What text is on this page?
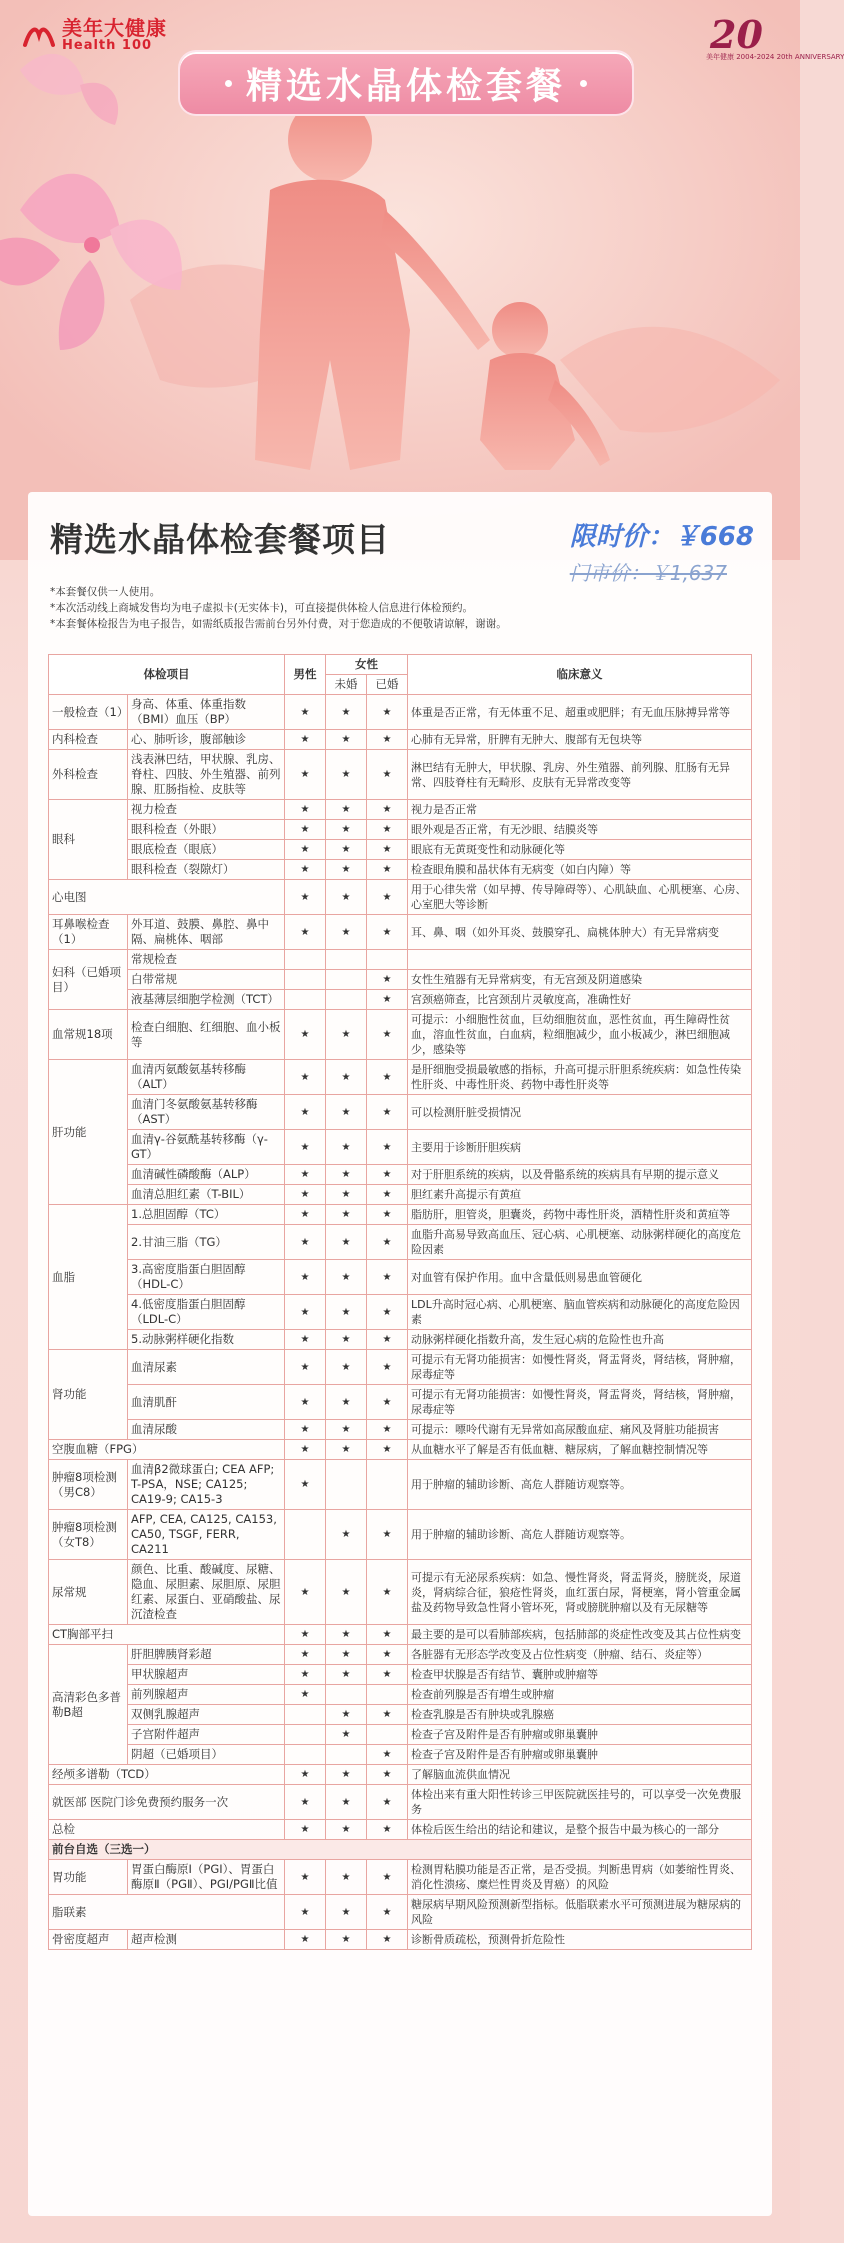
美年大健康
Health 100	20
美年健康 2004-2024 20th ANNIVERSARY
精选水晶体检套餐
精选水晶体检套餐项目	限时价：￥668
门市价：￥1,637
*本套餐仅供一人使用。
*本次活动线上商城发售均为电子虚拟卡(无实体卡)，可直接提供体检人信息进行体检预约。
*本套餐体检报告为电子报告，如需纸质报告需前台另外付费，对于您造成的不便敬请谅解，谢谢。
体检项目		男性	女性		临床意义
			未婚	已婚	
一般检查（1）	身高、体重、体重指数（BMI）血压（BP）	★	★	★	体重是否正常，有无体重不足、超重或肥胖；有无血压脉搏异常等
内科检查	心、肺听诊，腹部触诊	★	★	★	心肺有无异常，肝脾有无肿大、腹部有无包块等
外科检查	浅表淋巴结，甲状腺、乳房、脊柱、四肢、外生殖器、前列腺、肛肠指检、皮肤等	★	★	★	淋巴结有无肿大，甲状腺、乳房、外生殖器、前列腺、肛肠有无异常、四肢脊柱有无畸形、皮肤有无异常改变等
眼科	视力检查	★	★	★	视力是否正常
	眼科检查（外眼）	★	★	★	眼外观是否正常，有无沙眼、结膜炎等
	眼底检查（眼底）	★	★	★	眼底有无黄斑变性和动脉硬化等
	眼科检查（裂隙灯）	★	★	★	检查眼角膜和晶状体有无病变（如白内障）等
心电图		★	★	★	用于心律失常（如早搏、传导障碍等）、心肌缺血、心肌梗塞、心房、心室肥大等诊断
耳鼻喉检查（1）	外耳道、鼓膜、鼻腔、鼻中隔、扁桃体、咽部	★	★	★	耳、鼻、咽（如外耳炎、鼓膜穿孔、扁桃体肿大）有无异常病变
妇科（已婚项目）	常规检查				
	白带常规			★	女性生殖器有无异常病变，有无宫颈及阴道感染
	液基薄层细胞学检测（TCT）			★	宫颈癌筛查，比宫颈刮片灵敏度高，准确性好
血常规18项	检查白细胞、红细胞、血小板等	★	★	★	可提示：小细胞性贫血，巨幼细胞贫血，恶性贫血，再生障碍性贫血，溶血性贫血，白血病，粒细胞减少，血小板减少，淋巴细胞减少，感染等
肝功能	血清丙氨酸氨基转移酶（ALT）	★	★	★	是肝细胞受损最敏感的指标，升高可提示肝胆系统疾病：如急性传染性肝炎、中毒性肝炎、药物中毒性肝炎等
	血清门冬氨酸氨基转移酶（AST）	★	★	★	可以检测肝脏受损情况
	血清γ-谷氨酰基转移酶（γ-GT）	★	★	★	主要用于诊断肝胆疾病
	血清碱性磷酸酶（ALP）	★	★	★	对于肝胆系统的疾病，以及骨骼系统的疾病具有早期的提示意义
	血清总胆红素（T-BIL）	★	★	★	胆红素升高提示有黄疸
血脂	1.总胆固醇（TC）	★	★	★	脂肪肝，胆管炎，胆囊炎，药物中毒性肝炎，酒精性肝炎和黄疸等
	2.甘油三脂（TG）	★	★	★	血脂升高易导致高血压、冠心病、心肌梗塞、动脉粥样硬化的高度危险因素
	3.高密度脂蛋白胆固醇（HDL-C）	★	★	★	对血管有保护作用。血中含量低则易患血管硬化
	4.低密度脂蛋白胆固醇（LDL-C）	★	★	★	LDL升高时冠心病、心肌梗塞、脑血管疾病和动脉硬化的高度危险因素
	5.动脉粥样硬化指数	★	★	★	动脉粥样硬化指数升高，发生冠心病的危险性也升高
肾功能	血清尿素	★	★	★	可提示有无肾功能损害：如慢性肾炎，肾盂肾炎，肾结核，肾肿瘤，尿毒症等
	血清肌酐	★	★	★	可提示有无肾功能损害：如慢性肾炎，肾盂肾炎，肾结核，肾肿瘤，尿毒症等
	血清尿酸	★	★	★	可提示：嘌呤代谢有无异常如高尿酸血症、痛风及肾脏功能损害
空腹血糖（FPG）		★	★	★	从血糖水平了解是否有低血糖、糖尿病，了解血糖控制情况等
肿瘤8项检测（男C8）	血清β2微球蛋白; CEA AFP; T-PSA，NSE; CA125; CA19-9; CA15-3	★			用于肿瘤的辅助诊断、高危人群随访观察等。
肿瘤8项检测（女T8）	AFP, CEA, CA125, CA153, CA50, TSGF, FERR, CA211		★	★	用于肿瘤的辅助诊断、高危人群随访观察等。
尿常规	颜色、比重、酸碱度、尿糖、隐血、尿胆素、尿胆原、尿胆红素、尿蛋白、亚硝酸盐、尿沉渣检查	★	★	★	可提示有无泌尿系疾病：如急、慢性肾炎，肾盂肾炎，膀胱炎，尿道炎，肾病综合征，狼疮性肾炎，血红蛋白尿，肾梗塞，肾小管重金属盐及药物导致急性肾小管坏死，肾或膀胱肿瘤以及有无尿糖等
CT胸部平扫		★	★	★	最主要的是可以看肺部疾病，包括肺部的炎症性改变及其占位性病变
高清彩色多普勒B超	肝胆脾胰肾彩超	★	★	★	各脏器有无形态学改变及占位性病变（肿瘤、结石、炎症等）
	甲状腺超声	★	★	★	检查甲状腺是否有结节、囊肿或肿瘤等
	前列腺超声	★			检查前列腺是否有增生或肿瘤
	双侧乳腺超声		★	★	检查乳腺是否有肿块或乳腺癌
	子宫附件超声		★		检查子宫及附件是否有肿瘤或卵巢囊肿
	阴超（已婚项目）			★	检查子宫及附件是否有肿瘤或卵巢囊肿
经颅多谱勒（TCD）		★	★	★	了解脑血流供血情况
就医部 医院门诊免费预约服务一次		★	★	★	体检出来有重大阳性转诊三甲医院就医挂号的，可以享受一次免费服务
总检		★	★	★	体检后医生给出的结论和建议，是整个报告中最为核心的一部分
前台自选（三选一）					
胃功能	胃蛋白酶原Ⅰ（PGⅠ）、胃蛋白酶原Ⅱ（PGⅡ）、PGⅠ/PGⅡ比值	★	★	★	检测胃粘膜功能是否正常，是否受损。判断患胃病（如萎缩性胃炎、消化性溃疡、糜烂性胃炎及胃癌）的风险
脂联素		★	★	★	糖尿病早期风险预测新型指标。低脂联素水平可预测进展为糖尿病的风险
骨密度超声	超声检测	★	★	★	诊断骨质疏松，预测骨折危险性
